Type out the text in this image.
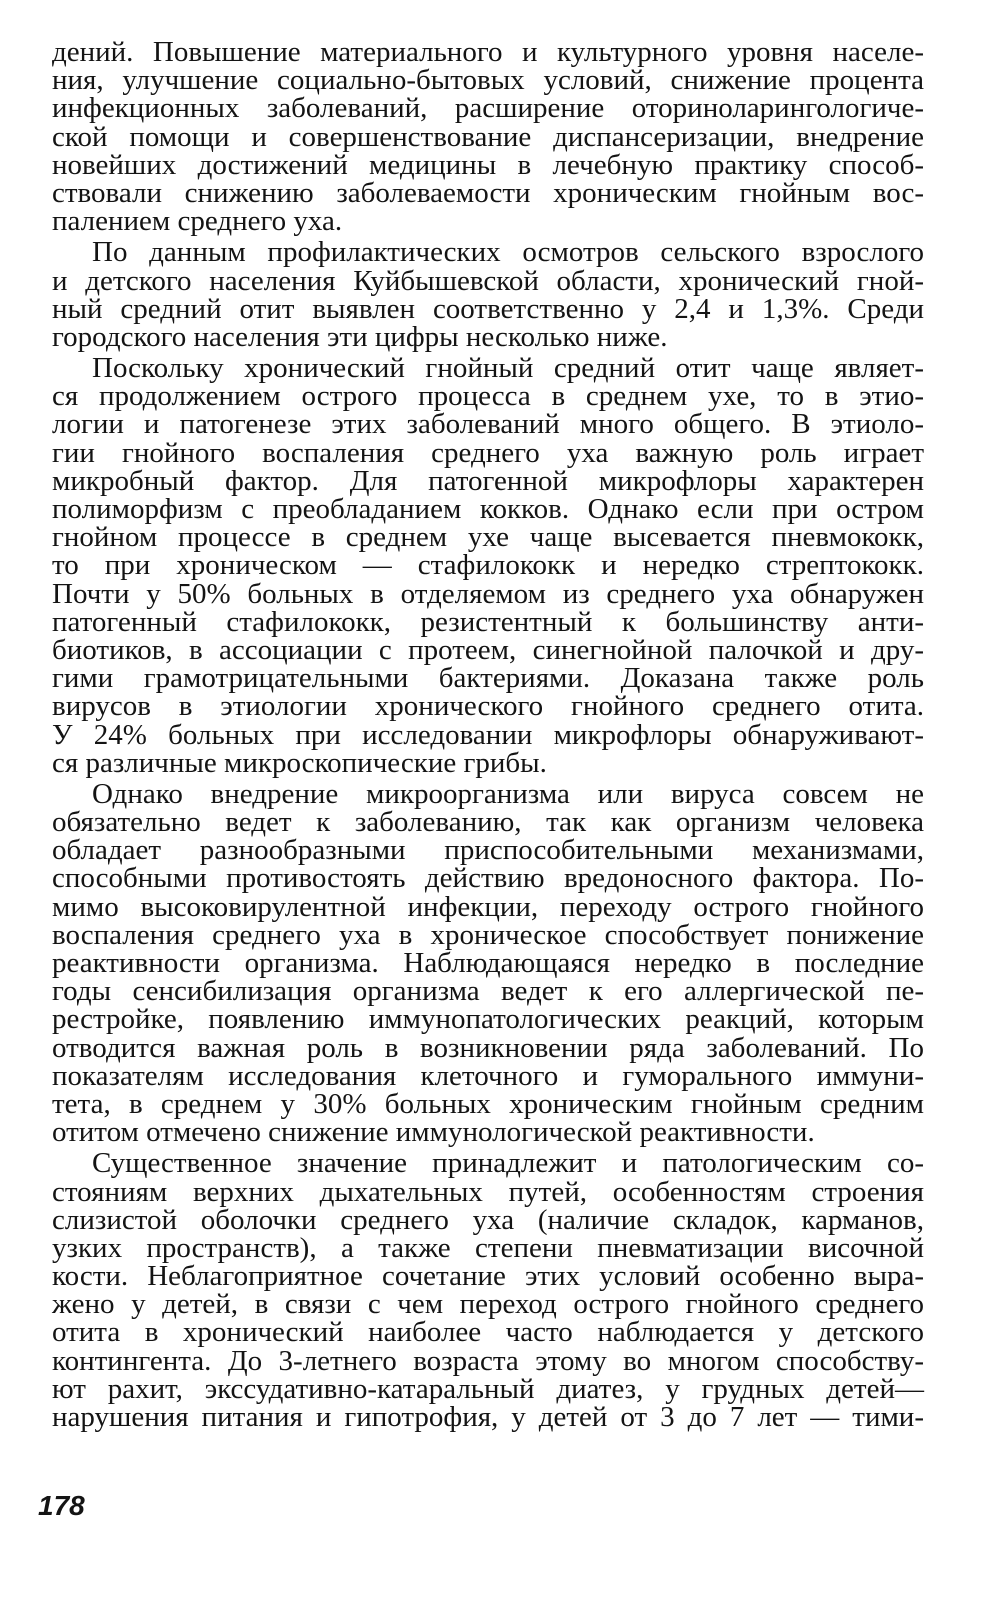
дений. Повышение материального и культурного уровня населе-
ния, улучшение социально-бытовых условий, снижение процента
инфекционных заболеваний, расширение оториноларингологиче-
ской помощи и совершенствование диспансеризации, внедрение
новейших достижений медицины в лечебную практику способ-
ствовали снижению заболеваемости хроническим гнойным вос-
палением среднего уха.
По данным профилактических осмотров сельского взрослого
и детского населения Куйбышевской области, хронический гной-
ный средний отит выявлен соответственно у 2,4 и 1,3%. Среди
городского населения эти цифры несколько ниже.
Поскольку хронический гнойный средний отит чаще являет-
ся продолжением острого процесса в среднем ухе, то в этио-
логии и патогенезе этих заболеваний много общего. В этиоло-
гии гнойного воспаления среднего уха важную роль играет
микробный фактор. Для патогенной микрофлоры характерен
полиморфизм с преобладанием кокков. Однако если при остром
гнойном процессе в среднем ухе чаще высевается пневмококк,
то при хроническом — стафилококк и нередко стрептококк.
Почти у 50% больных в отделяемом из среднего уха обнаружен
патогенный стафилококк, резистентный к большинству анти-
биотиков, в ассоциации с протеем, синегнойной палочкой и дру-
гими грамотрицательными бактериями. Доказана также роль
вирусов в этиологии хронического гнойного среднего отита.
У 24% больных при исследовании микрофлоры обнаруживают-
ся различные микроскопические грибы.
Однако внедрение микроорганизма или вируса совсем не
обязательно ведет к заболеванию, так как организм человека
обладает разнообразными приспособительными механизмами,
способными противостоять действию вредоносного фактора. По-
мимо высоковирулентной инфекции, переходу острого гнойного
воспаления среднего уха в хроническое способствует понижение
реактивности организма. Наблюдающаяся нередко в последние
годы сенсибилизация организма ведет к его аллергической пе-
рестройке, появлению иммунопатологических реакций, которым
отводится важная роль в возникновении ряда заболеваний. По
показателям исследования клеточного и гуморального иммуни-
тета, в среднем у 30% больных хроническим гнойным средним
отитом отмечено снижение иммунологической реактивности.
Существенное значение принадлежит и патологическим со-
стояниям верхних дыхательных путей, особенностям строения
слизистой оболочки среднего уха (наличие складок, карманов,
узких пространств), а также степени пневматизации височной
кости. Неблагоприятное сочетание этих условий особенно выра-
жено у детей, в связи с чем переход острого гнойного среднего
отита в хронический наиболее часто наблюдается у детского
контингента. До 3-летнего возраста этому во многом способству-
ют рахит, экссудативно-катаральный диатез, у грудных детей—
нарушения питания и гипотрофия, у детей от 3 до 7 лет — тими-
178
